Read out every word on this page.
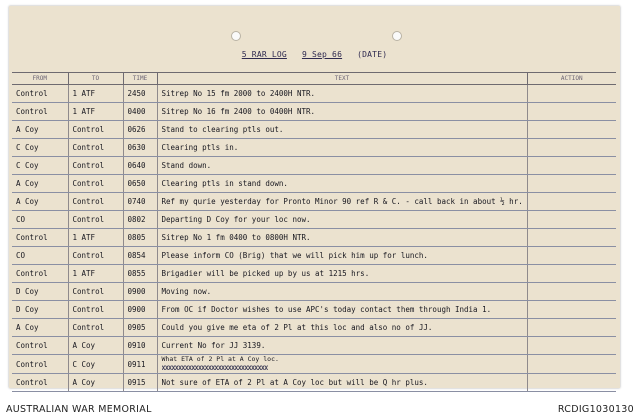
5 RAR LOG 9 Sep 66 (DATE)
FROM	TO	TIME	TEXT	ACTION
Control	1 ATF	2450	Sitrep No 15 fm 2000 to 2400H NTR.	
Control	1 ATF	0400	Sitrep No 16 fm 2400 to 0400H NTR.	
A Coy	Control	0626	Stand to clearing ptls out.	
C Coy	Control	0630	Clearing ptls in.	
C Coy	Control	0640	Stand down.	
A Coy	Control	0650	Clearing ptls in stand down.	
A Coy	Control	0740	Ref my qurie yesterday for Pronto Minor 90 ref R & C. - call back in about ½ hr.	
CO	Control	0802	Departing D Coy for your loc now.	
Control	1 ATF	0805	Sitrep No 1 fm 0400 to 0800H NTR.	
CO	Control	0854	Please inform CO (Brig) that we will pick him up for lunch.	
Control	1 ATF	0855	Brigadier will be picked up by us at 1215 hrs.	
D Coy	Control	0900	Moving now.	
D Coy	Control	0900	From OC if Doctor wishes to use APC's today contact them through India 1.	
A Coy	Control	0905	Could you give me eta of 2 Pl at this loc and also no of JJ.	
Control	A Coy	0910	Current No for JJ 3139.	
Control	C Coy	0911	What ETA of 2 Pl at A Coy loc.
XXXXXXXXXXXXXXXXXXXXXXXXXXXXXXXX	

Control	A Coy	0915	Not sure of ETA of 2 Pl at A Coy loc but will be Q hr plus.	
AUSTRALIAN WAR MEMORIAL	RCDIG1030130
